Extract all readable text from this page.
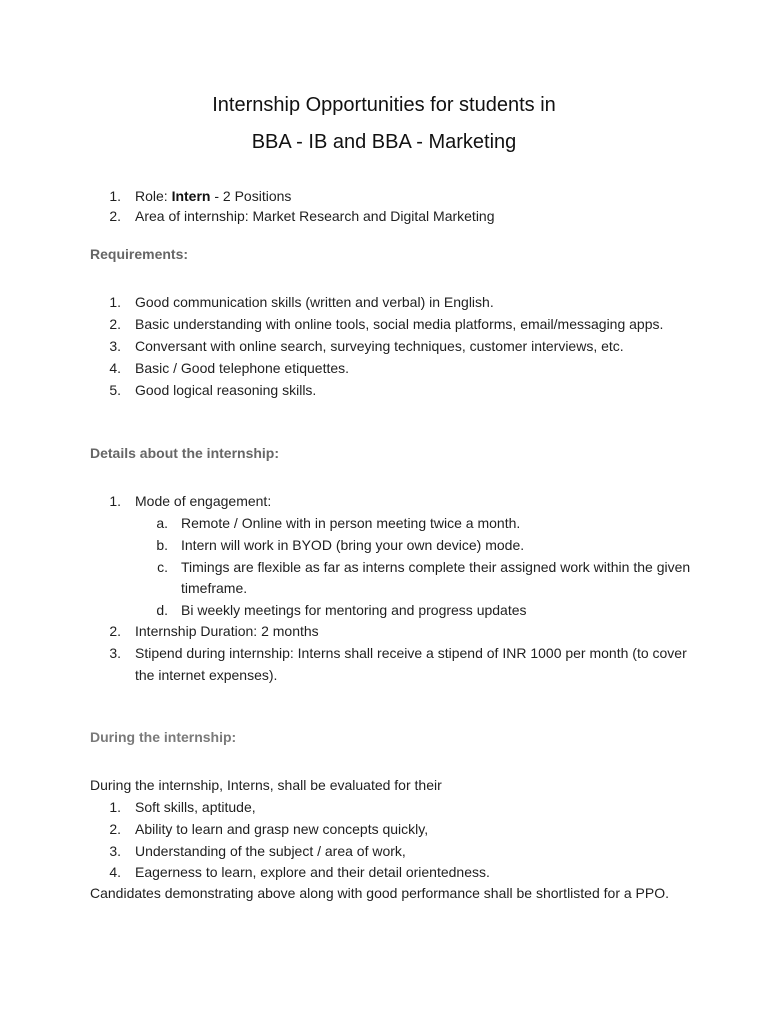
Internship Opportunities for students in
BBA - IB and BBA - Marketing
1. Role: Intern - 2 Positions
2. Area of internship: Market Research and Digital Marketing
Requirements:
1. Good communication skills (written and verbal) in English.
2. Basic understanding with online tools, social media platforms, email/messaging apps.
3. Conversant with online search, surveying techniques, customer interviews, etc.
4. Basic / Good telephone etiquettes.
5. Good logical reasoning skills.
Details about the internship:
1. Mode of engagement:
a. Remote / Online with in person meeting twice a month.
b. Intern will work in BYOD (bring your own device) mode.
c. Timings are flexible as far as interns complete their assigned work within the given
timeframe.
d. Bi weekly meetings for mentoring and progress updates
2. Internship Duration: 2 months
3. Stipend during internship: Interns shall receive a stipend of INR 1000 per month (to cover
the internet expenses).
During the internship:
During the internship, Interns, shall be evaluated for their
1. Soft skills, aptitude,
2. Ability to learn and grasp new concepts quickly,
3. Understanding of the subject / area of work,
4. Eagerness to learn, explore and their detail orientedness.
Candidates demonstrating above along with good performance shall be shortlisted for a PPO.
